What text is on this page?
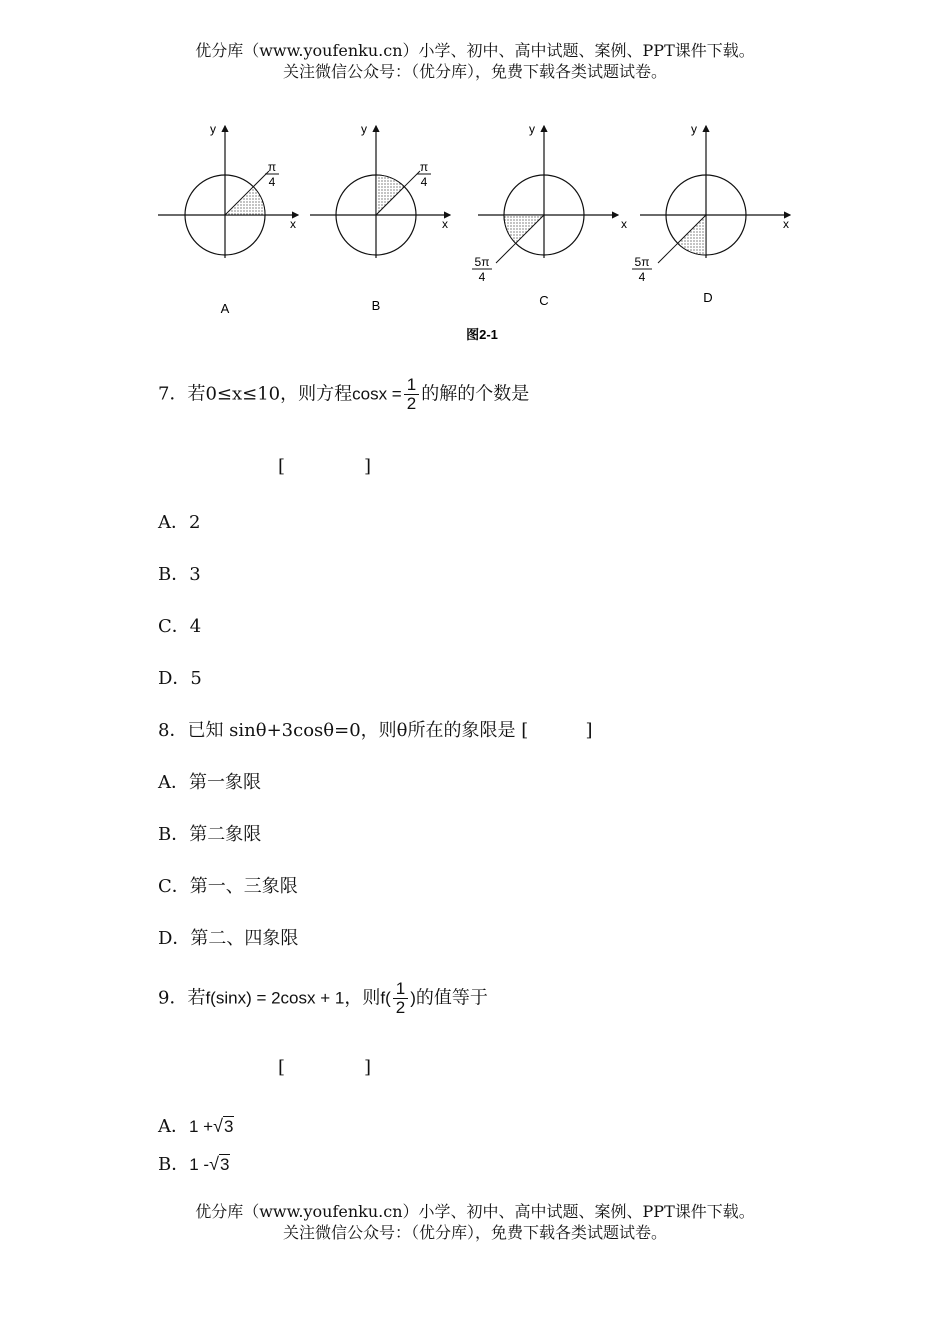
优分库（www.youfenku.cn）小学、初中、高中试题、案例、PPT课件下载。
关注微信公众号：（优分库），免费下载各类试题试卷。
y
x
π
4
A
y
x
π
4
B
y
x
5π
4
C
y
x
5π
4
D
图2-1
7．若0≤x≤10，则方程$\cos x = \frac{1}{2}$ 的解的个数是
[	]
A．2
B．3
C．4
D．5
8．已知 sinθ+3cosθ=0，则θ所在的象限是 [          ]
A．第一象限
B．第二象限
C．第一、三象限
D．第二、四象限
9．若f(sinx) = 2cosx + 1，则$f( \frac{1}{2}$ )的值等于
[	]
A．1 +√3
B．1 -√3
优分库（www.youfenku.cn）小学、初中、高中试题、案例、PPT课件下载。
关注微信公众号：（优分库），免费下载各类试题试卷。
